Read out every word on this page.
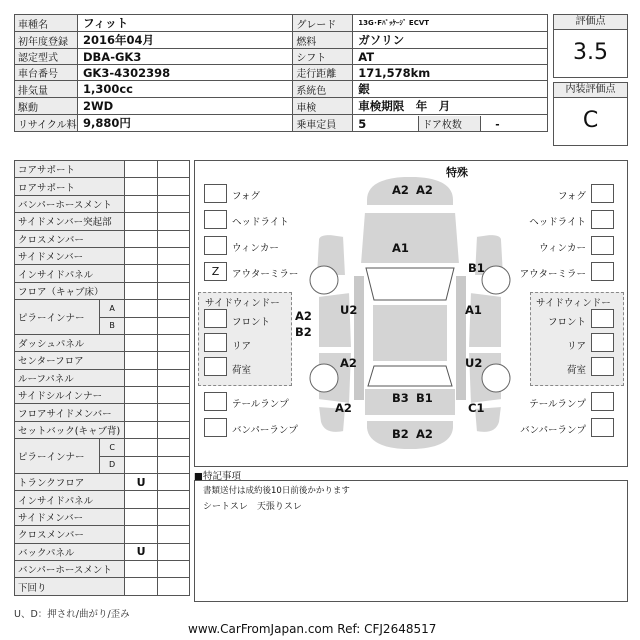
車種名	フィット	グレード	13G･Fﾊﾟｯｹｰｼﾞ ECVT
初年度登録	2016年04月	燃料	ガソリン
認定型式	DBA-GK3	シフト	AT
車台番号	GK3-4302398	走行距離	171,578km
排気量	1,300cc	系統色	銀
駆動	2WD	車検	車検期限　年　月
リサイクル料	9,880円	乗車定員	5 ドア枚数 -
評価点
3.5
内装評価点
C
コアサポート			
ロアサポート			
バンパーホースメント			
サイドメンバー突起部			
クロスメンバー			
サイドメンバー			
インサイドパネル			
フロア（キャブ床）			
ピラーインナー	A		
	B		
ダッシュパネル			
センターフロア			
ルーフパネル			
サイドシルインナー			
フロアサイドメンバー			
セットバック(キャブ背)			
ピラーインナー	C		
	D		
トランクフロア		U	
インサイドパネル			
サイドメンバー			
クロスメンバー			
バックパネル		U	
バンパーホースメント			
下回り			
U、D：押され/曲がり/歪み
特殊
フォグ
ヘッドライト
ウィンカー
Z	アウターミラー
サイドウィンドー
フロント
リア
荷室
テールランプ
バンパーランプ
フォグ
ヘッドライト
ウィンカー
アウターミラー
サイドウィンドー
フロント
リア
荷室
テールランプ
バンパーランプ
A2 A2
A1
A2
B2
U2
A2
A2
B1
A1
U2
C1
B3 B1
B2 A2
■特記事項
書類送付は成約後10日前後かかります
シートスレ　天張りスレ
www.CarFromJapan.com Ref: CFJ2648517
